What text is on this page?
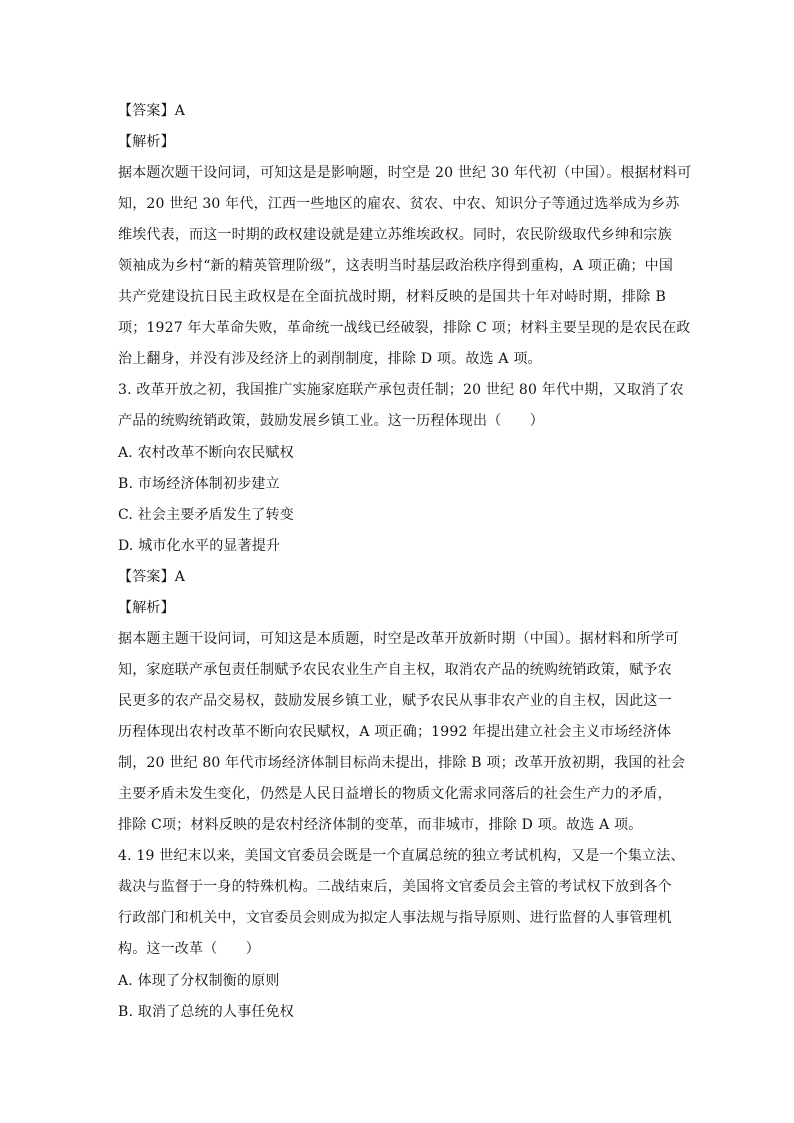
【答案】A
【解析】
据本题次题干设问词，可知这是是影响题，时空是 20 世纪 30 年代初（中国）。根据材料可
知，20 世纪 30 年代，江西一些地区的雇农、贫农、中农、知识分子等通过选举成为乡苏
维埃代表，而这一时期的政权建设就是建立苏维埃政权。同时，农民阶级取代乡绅和宗族
领袖成为乡村“新的精英管理阶级”，这表明当时基层政治秩序得到重构，A 项正确；中国
共产党建设抗日民主政权是在全面抗战时期，材料反映的是国共十年对峙时期，排除 B
项；1927 年大革命失败，革命统一战线已经破裂，排除 C 项；材料主要呈现的是农民在政
治上翻身，并没有涉及经济上的剥削制度，排除 D 项。故选 A 项。
3. 改革开放之初，我国推广实施家庭联产承包责任制；20 世纪 80 年代中期，又取消了农
产品的统购统销政策，鼓励发展乡镇工业。这一历程体现出（　　）
A. 农村改革不断向农民赋权
B. 市场经济体制初步建立
C. 社会主要矛盾发生了转变
D. 城市化水平的显著提升
【答案】A
【解析】
据本题主题干设问词，可知这是本质题，时空是改革开放新时期（中国）。据材料和所学可
知，家庭联产承包责任制赋予农民农业生产自主权，取消农产品的统购统销政策，赋予农
民更多的农产品交易权，鼓励发展乡镇工业，赋予农民从事非农产业的自主权，因此这一
历程体现出农村改革不断向农民赋权，A 项正确；1992 年提出建立社会主义市场经济体
制，20 世纪 80 年代市场经济体制目标尚未提出，排除 B 项；改革开放初期，我国的社会
主要矛盾未发生变化，仍然是人民日益增长的物质文化需求同落后的社会生产力的矛盾，
排除 C项；材料反映的是农村经济体制的变革，而非城市，排除 D 项。故选 A 项。
4. 19 世纪末以来，美国文官委员会既是一个直属总统的独立考试机构，又是一个集立法、
裁决与监督于一身的特殊机构。二战结束后，美国将文官委员会主管的考试权下放到各个
行政部门和机关中，文官委员会则成为拟定人事法规与指导原则、进行监督的人事管理机
构。这一改革（　　）
A. 体现了分权制衡的原则
B. 取消了总统的人事任免权
